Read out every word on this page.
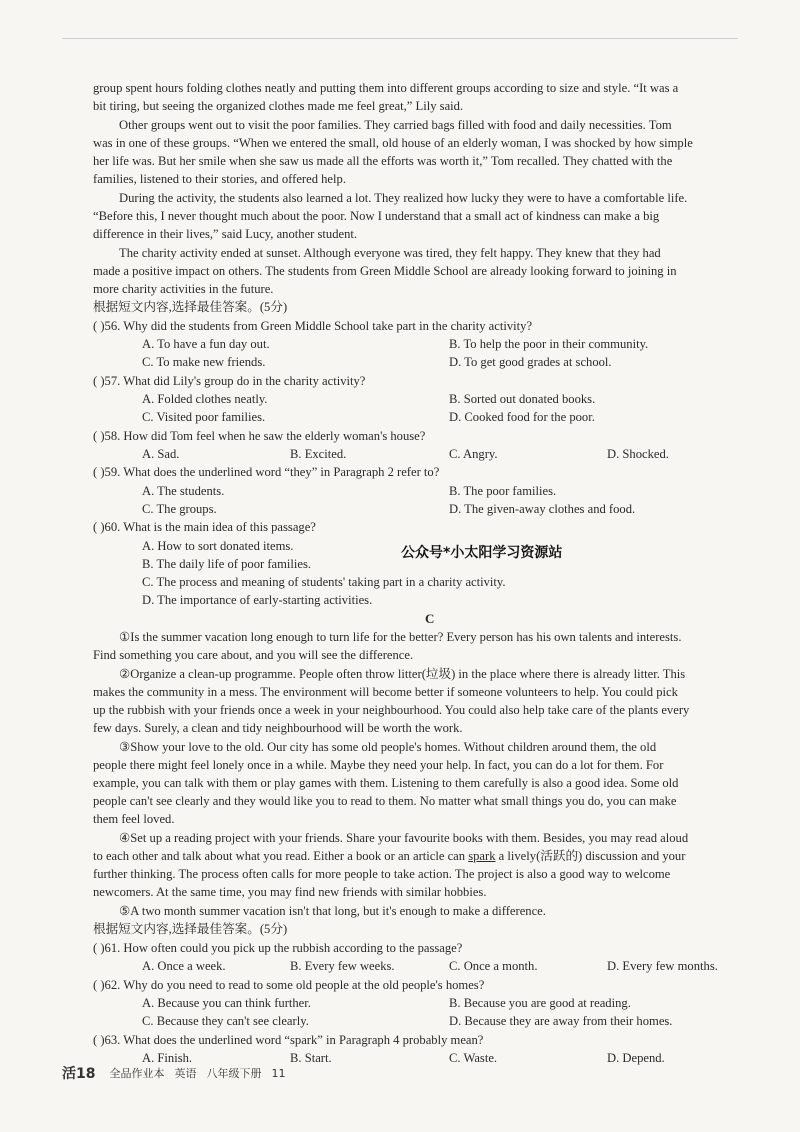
group spent hours folding clothes neatly and putting them into different groups according to size and style. “It was a
bit tiring, but seeing the organized clothes made me feel great,” Lily said.
Other groups went out to visit the poor families. They carried bags filled with food and daily necessities. Tom
was in one of these groups. “When we entered the small, old house of an elderly woman, I was shocked by how simple
her life was. But her smile when she saw us made all the efforts was worth it,” Tom recalled. They chatted with the
families, listened to their stories, and offered help.
During the activity, the students also learned a lot. They realized how lucky they were to have a comfortable life.
“Before this, I never thought much about the poor. Now I understand that a small act of kindness can make a big
difference in their lives,” said Lucy, another student.
The charity activity ended at sunset. Although everyone was tired, they felt happy. They knew that they had
made a positive impact on others. The students from Green Middle School are already looking forward to joining in
more charity activities in the future.
根据短文内容,选择最佳答案。(5分)
( )56. Why did the students from Green Middle School take part in the charity activity?
A. To have a fun day out.	B. To help the poor in their community.
C. To make new friends.	D. To get good grades at school.
( )57. What did Lily's group do in the charity activity?
A. Folded clothes neatly.	B. Sorted out donated books.
C. Visited poor families.	D. Cooked food for the poor.
( )58. How did Tom feel when he saw the elderly woman's house?
A. Sad.	B. Excited.	C. Angry.	D. Shocked.
( )59. What does the underlined word “they” in Paragraph 2 refer to?
A. The students.	B. The poor families.
C. The groups.	D. The given-away clothes and food.
( )60. What is the main idea of this passage?
A. How to sort donated items.
B. The daily life of poor families.
C. The process and meaning of students' taking part in a charity activity.
D. The importance of early-starting activities.
公众号*小太阳学习资源站
C
①Is the summer vacation long enough to turn life for the better? Every person has his own talents and interests.
Find something you care about, and you will see the difference.
②Organize a clean-up programme. People often throw litter(垃圾) in the place where there is already litter. This
makes the community in a mess. The environment will become better if someone volunteers to help. You could pick
up the rubbish with your friends once a week in your neighbourhood. You could also help take care of the plants every
few days. Surely, a clean and tidy neighbourhood will be worth the work.
③Show your love to the old. Our city has some old people's homes. Without children around them, the old
people there might feel lonely once in a while. Maybe they need your help. In fact, you can do a lot for them. For
example, you can talk with them or play games with them. Listening to them carefully is also a good idea. Some old
people can't see clearly and they would like you to read to them. No matter what small things you do, you can make
them feel loved.
④Set up a reading project with your friends. Share your favourite books with them. Besides, you may read aloud
to each other and talk about what you read. Either a book or an article can spark a lively(活跃的) discussion and your
further thinking. The process often calls for more people to take action. The project is also a good way to welcome
newcomers. At the same time, you may find new friends with similar hobbies.
⑤A two month summer vacation isn't that long, but it's enough to make a difference.
根据短文内容,选择最佳答案。(5分)
( )61. How often could you pick up the rubbish according to the passage?
A. Once a week.	B. Every few weeks.	C. Once a month.	D. Every few months.
( )62. Why do you need to read to some old people at the old people's homes?
A. Because you can think further.	B. Because you are good at reading.
C. Because they can't see clearly.	D. Because they are away from their homes.
( )63. What does the underlined word “spark” in Paragraph 4 probably mean?
A. Finish.	B. Start.	C. Waste.	D. Depend.
活18 全品作业本 英语 八年级下册 11
